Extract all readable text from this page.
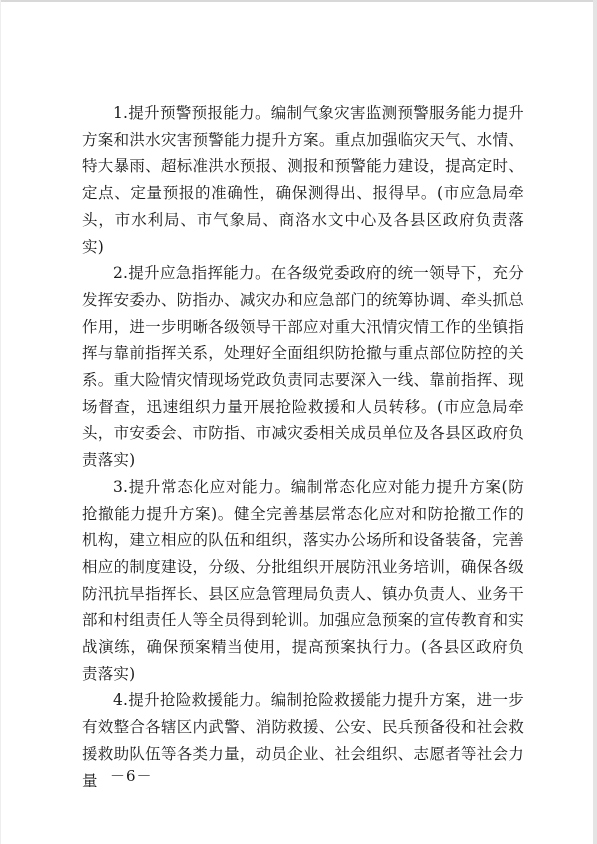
1.提升预警预报能力。编制气象灾害监测预警服务能力提升方案和洪水灾害预警能力提升方案。重点加强临灾天气、水情、特大暴雨、超标准洪水预报、测报和预警能力建设，提高定时、定点、定量预报的准确性，确保测得出、报得早。(市应急局牵头，市水利局、市气象局、商洛水文中心及各县区政府负责落实)

2.提升应急指挥能力。在各级党委政府的统一领导下，充分发挥安委办、防指办、减灾办和应急部门的统筹协调、牵头抓总作用，进一步明晰各级领导干部应对重大汛情灾情工作的坐镇指挥与靠前指挥关系，处理好全面组织防抢撤与重点部位防控的关系。重大险情灾情现场党政负责同志要深入一线、靠前指挥、现场督查，迅速组织力量开展抢险救援和人员转移。(市应急局牵头，市安委会、市防指、市减灾委相关成员单位及各县区政府负责落实)

3.提升常态化应对能力。编制常态化应对能力提升方案(防抢撤能力提升方案)。健全完善基层常态化应对和防抢撤工作的机构，建立相应的队伍和组织，落实办公场所和设备装备，完善相应的制度建设，分级、分批组织开展防汛业务培训，确保各级防汛抗旱指挥长、县区应急管理局负责人、镇办负责人、业务干部和村组责任人等全员得到轮训。加强应急预案的宣传教育和实战演练，确保预案精当使用，提高预案执行力。(各县区政府负责落实)

4.提升抢险救援能力。编制抢险救援能力提升方案，进一步有效整合各辖区内武警、消防救援、公安、民兵预备役和社会救援救助队伍等各类力量，动员企业、社会组织、志愿者等社会力量 －6－
